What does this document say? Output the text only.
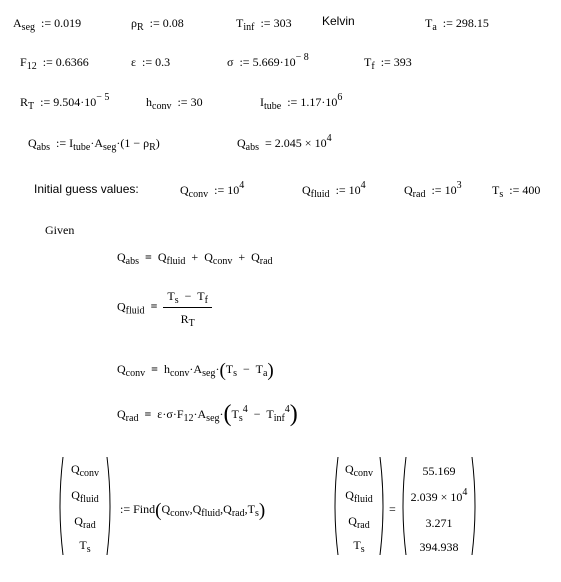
$A_{seg}$ := 0.019	$\rho_R$ := 0.08	$T_{inf}$ := 303	Kelvin	$T_a$ := 298.15
$F_{12}$ := 0.6366	ε := 0.3	σ := $5.669\cdot 10^{- 8}$	$T_f$ := 393
$R_T$ := $9.504\cdot 10^{- 5}$	$h_{conv}$ := 30	$I_{tube}$ := $1.17\cdot 10^6$
$Q_{abs}$ := $I_{tube}\cdot A_{seg}\cdot(1 - \rho_R)$	$Q_{abs} = 2.045 \times 10^4$
Initial guess values:	$Q_{conv}$ := $10^4$	$Q_{fluid}$ := $10^4$	$Q_{rad}$ := $10^3$	$T_s$ := 400
Given
$Q_{abs} = Q_{fluid} + Q_{conv} + Q_{rad}$
$Q_{fluid} = \frac{T_s - T_f}{R_T}$
$Q_{conv} = h_{conv}\cdot A_{seg}\cdot(T_s - T_a)$
$Q_{rad} = \varepsilon\cdot\sigma\cdot F_{12}\cdot A_{seg}\cdot(T_s^4 - T_{inf}^4)$
$Q_{conv}$
$Q_{fluid}$
$Q_{rad}$
$T_s$
:= $Find(Q_{conv},Q_{fluid},Q_{rad},T_s)$
$Q_{conv}$
$Q_{fluid}$
$Q_{rad}$
$T_s$
=
55.169
$2.039 \times 10^4$
3.271
394.938
